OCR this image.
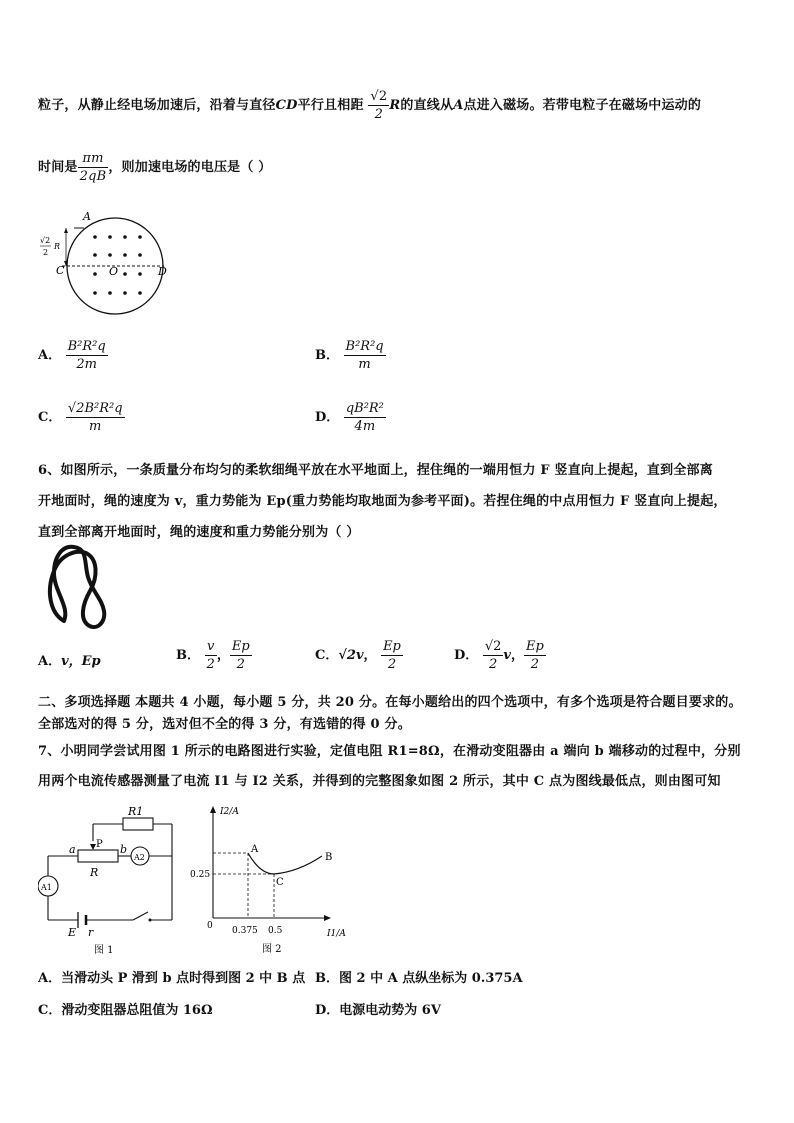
粒子，从静止经电场加速后，沿着与直径CD平行且相距 $\frac{√2}{2}$ R的直线从A点进入磁场。若带电粒子在磁场中运动的
时间是 $\frac{\pi m}{2qB}$ ，则加速电场的电压是（ ）
A
C	O	D
√2
2
R
A． $\frac{\text{B²R²q}}{2m}$	B． $\frac{\text{B²R²q}}{m}$
C． $\frac{\text{√2B²R²q}}{m}$	D． $\frac{\text{qB²R²}}{4m}$
6、如图所示，一条质量分布均匀的柔软细绳平放在水平地面上，捏住绳的一端用恒力 F 竖直向上提起，直到全部离
开地面时，绳的速度为 v，重力势能为 Ep(重力势能均取地面为参考平面)。若捏住绳的中点用恒力 F 竖直向上提起，
直到全部离开地面时，绳的速度和重力势能分别为（ ）
A．v，Ep	B． $\frac{v}{2}$ ， $\frac{Ep}{2}$	C．√2v， $\frac{Ep}{2}$	D． $\frac{√2}{2}$ v， $\frac{Ep}{2}$
二、多项选择题 本题共 4 小题，每小题 5 分，共 20 分。在每小题给出的四个选项中，有多个选项是符合题目要求的。
全部选对的得 5 分，选对但不全的得 3 分，有选错的得 0 分。
7、小明同学尝试用图 1 所示的电路图进行实验，定值电阻 R1=8Ω，在滑动变阻器由 a 端向 b 端移动的过程中，分别
用两个电流传感器测量了电流 I1 与 I2 关系，并得到的完整图象如图 2 所示，其中 C 点为图线最低点，则由图可知
R1
P
a	b
R
A2
A1
E r
图 1
I2/A
I1/A
0
0.25
0.375 0.5
A
B
C
图 2
A．当滑动头 P 滑到 b 点时得到图 2 中 B 点 B．图 2 中 A 点纵坐标为 0.375A
C．滑动变阻器总阻值为 16Ω	D．电源电动势为 6V
